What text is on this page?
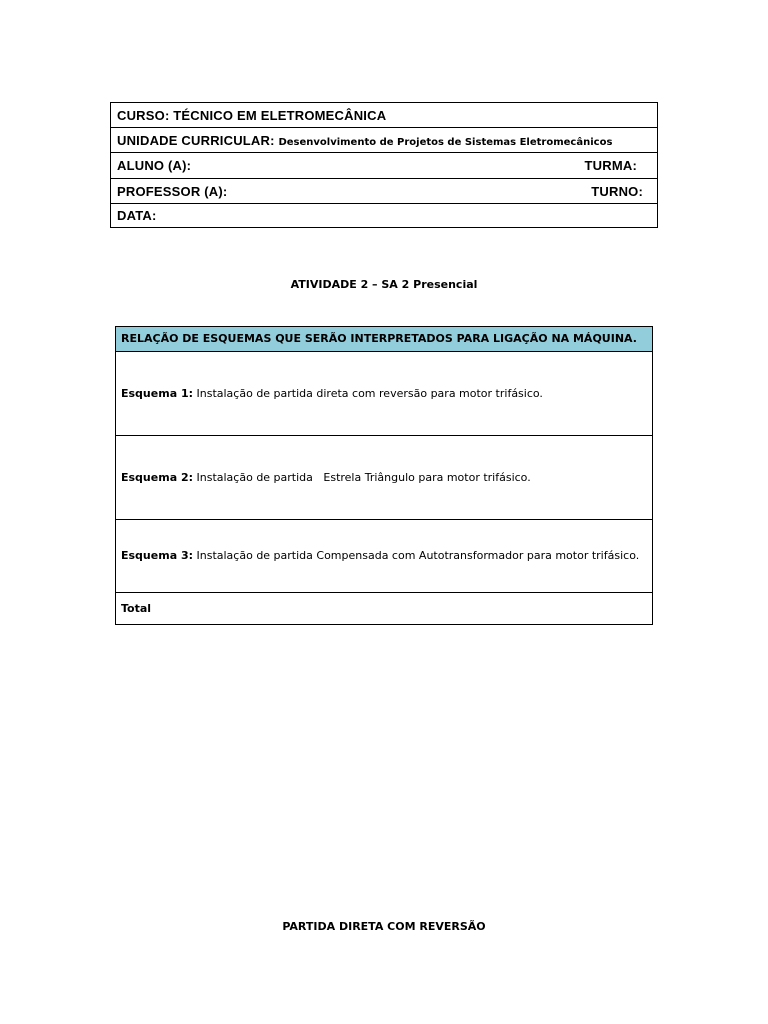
CURSO: TÉCNICO EM ELETROMECÂNICA
UNIDADE CURRICULAR: Desenvolvimento de Projetos de Sistemas Eletromecânicos

ALUNO (A):	TURMA:

PROFESSOR (A):	TURNO:

DATA:
ATIVIDADE 2 – SA 2 Presencial
RELAÇÃO DE ESQUEMAS QUE SERÃO INTERPRETADOS PARA LIGAÇÃO NA MÁQUINA.
Esquema 1: Instalação de partida direta com reversão para motor trifásico.
Esquema 2: Instalação de partida   Estrela Triângulo para motor trifásico.
Esquema 3: Instalação de partida Compensada com Autotransformador para motor trifásico.
Total
PARTIDA DIRETA COM REVERSÃO
